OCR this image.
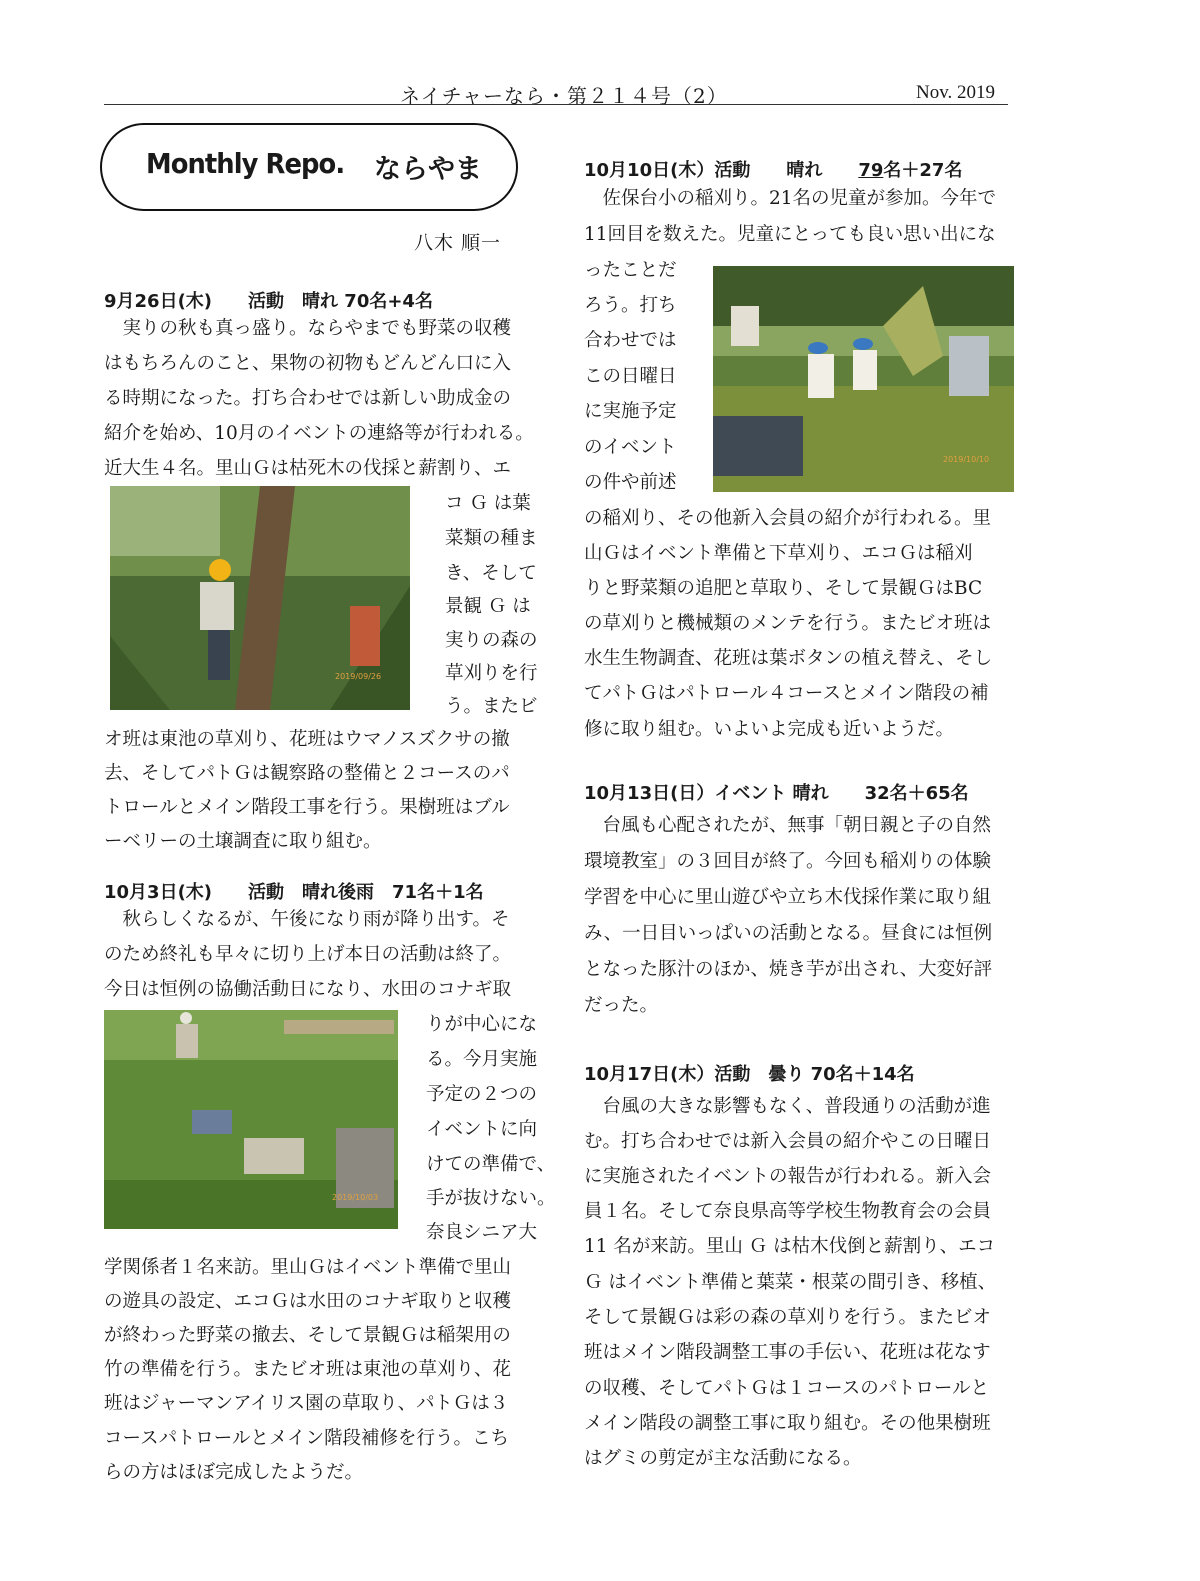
ネイチャーなら・第２１４号（2）	Nov. 2019
Monthly Repo. ならやま
八木 順一
9月26日(木)　　活動　晴れ 70名+4名
　実りの秋も真っ盛り。ならやまでも野菜の収穫
はもちろんのこと、果物の初物もどんどん口に入
る時期になった。打ち合わせでは新しい助成金の
紹介を始め、10月のイベントの連絡等が行われる。
近大生４名。里山Ｇは枯死木の伐採と薪割り、エ
コ Ｇ は葉
菜類の種ま
き、そして
景観 Ｇ は
実りの森の
草刈りを行
う。またビ
オ班は東池の草刈り、花班はウマノスズクサの撤
去、そしてパトＧは観察路の整備と２コースのパ
トロールとメイン階段工事を行う。果樹班はブル
ーベリーの土壌調査に取り組む。
2019/09/26
10月3日(木)　　活動　晴れ後雨　71名＋1名
　秋らしくなるが、午後になり雨が降り出す。そ
のため終礼も早々に切り上げ本日の活動は終了。
今日は恒例の協働活動日になり、水田のコナギ取
りが中心にな
る。今月実施
予定の２つの
イベントに向
けての準備で、
手が抜けない。
奈良シニア大
学関係者１名来訪。里山Ｇはイベント準備で里山
の遊具の設定、エコＧは水田のコナギ取りと収穫
が終わった野菜の撤去、そして景観Ｇは稲架用の
竹の準備を行う。またビオ班は東池の草刈り、花
班はジャーマンアイリス園の草取り、パトＧは３
コースパトロールとメイン階段補修を行う。こち
らの方はほぼ完成したようだ。
2019/10/03
10月10日(木）活動　　晴れ　　79名＋27名
　佐保台小の稲刈り。21名の児童が参加。今年で
11回目を数えた。児童にとっても良い思い出にな
ったことだ
ろう。打ち
合わせでは
この日曜日
に実施予定
のイベント
の件や前述
の稲刈り、その他新入会員の紹介が行われる。里
山Ｇはイベント準備と下草刈り、エコＧは稲刈
りと野菜類の追肥と草取り、そして景観ＧはBC
の草刈りと機械類のメンテを行う。またビオ班は
水生生物調査、花班は葉ボタンの植え替え、そし
てパトＧはパトロール４コースとメイン階段の補
修に取り組む。いよいよ完成も近いようだ。
2019/10/10
10月13日(日）イベント 晴れ　　32名＋65名
　台風も心配されたが、無事「朝日親と子の自然
環境教室」の３回目が終了。今回も稲刈りの体験
学習を中心に里山遊びや立ち木伐採作業に取り組
み、一日目いっぱいの活動となる。昼食には恒例
となった豚汁のほか、焼き芋が出され、大変好評
だった。
10月17日(木）活動　曇り 70名＋14名
　台風の大きな影響もなく、普段通りの活動が進
む。打ち合わせでは新入会員の紹介やこの日曜日
に実施されたイベントの報告が行われる。新入会
員１名。そして奈良県高等学校生物教育会の会員
11 名が来訪。里山 Ｇ は枯木伐倒と薪割り、エコ
Ｇ はイベント準備と葉菜・根菜の間引き、移植、
そして景観Ｇは彩の森の草刈りを行う。またビオ
班はメイン階段調整工事の手伝い、花班は花なす
の収穫、そしてパトＧは１コースのパトロールと
メイン階段の調整工事に取り組む。その他果樹班
はグミの剪定が主な活動になる。
